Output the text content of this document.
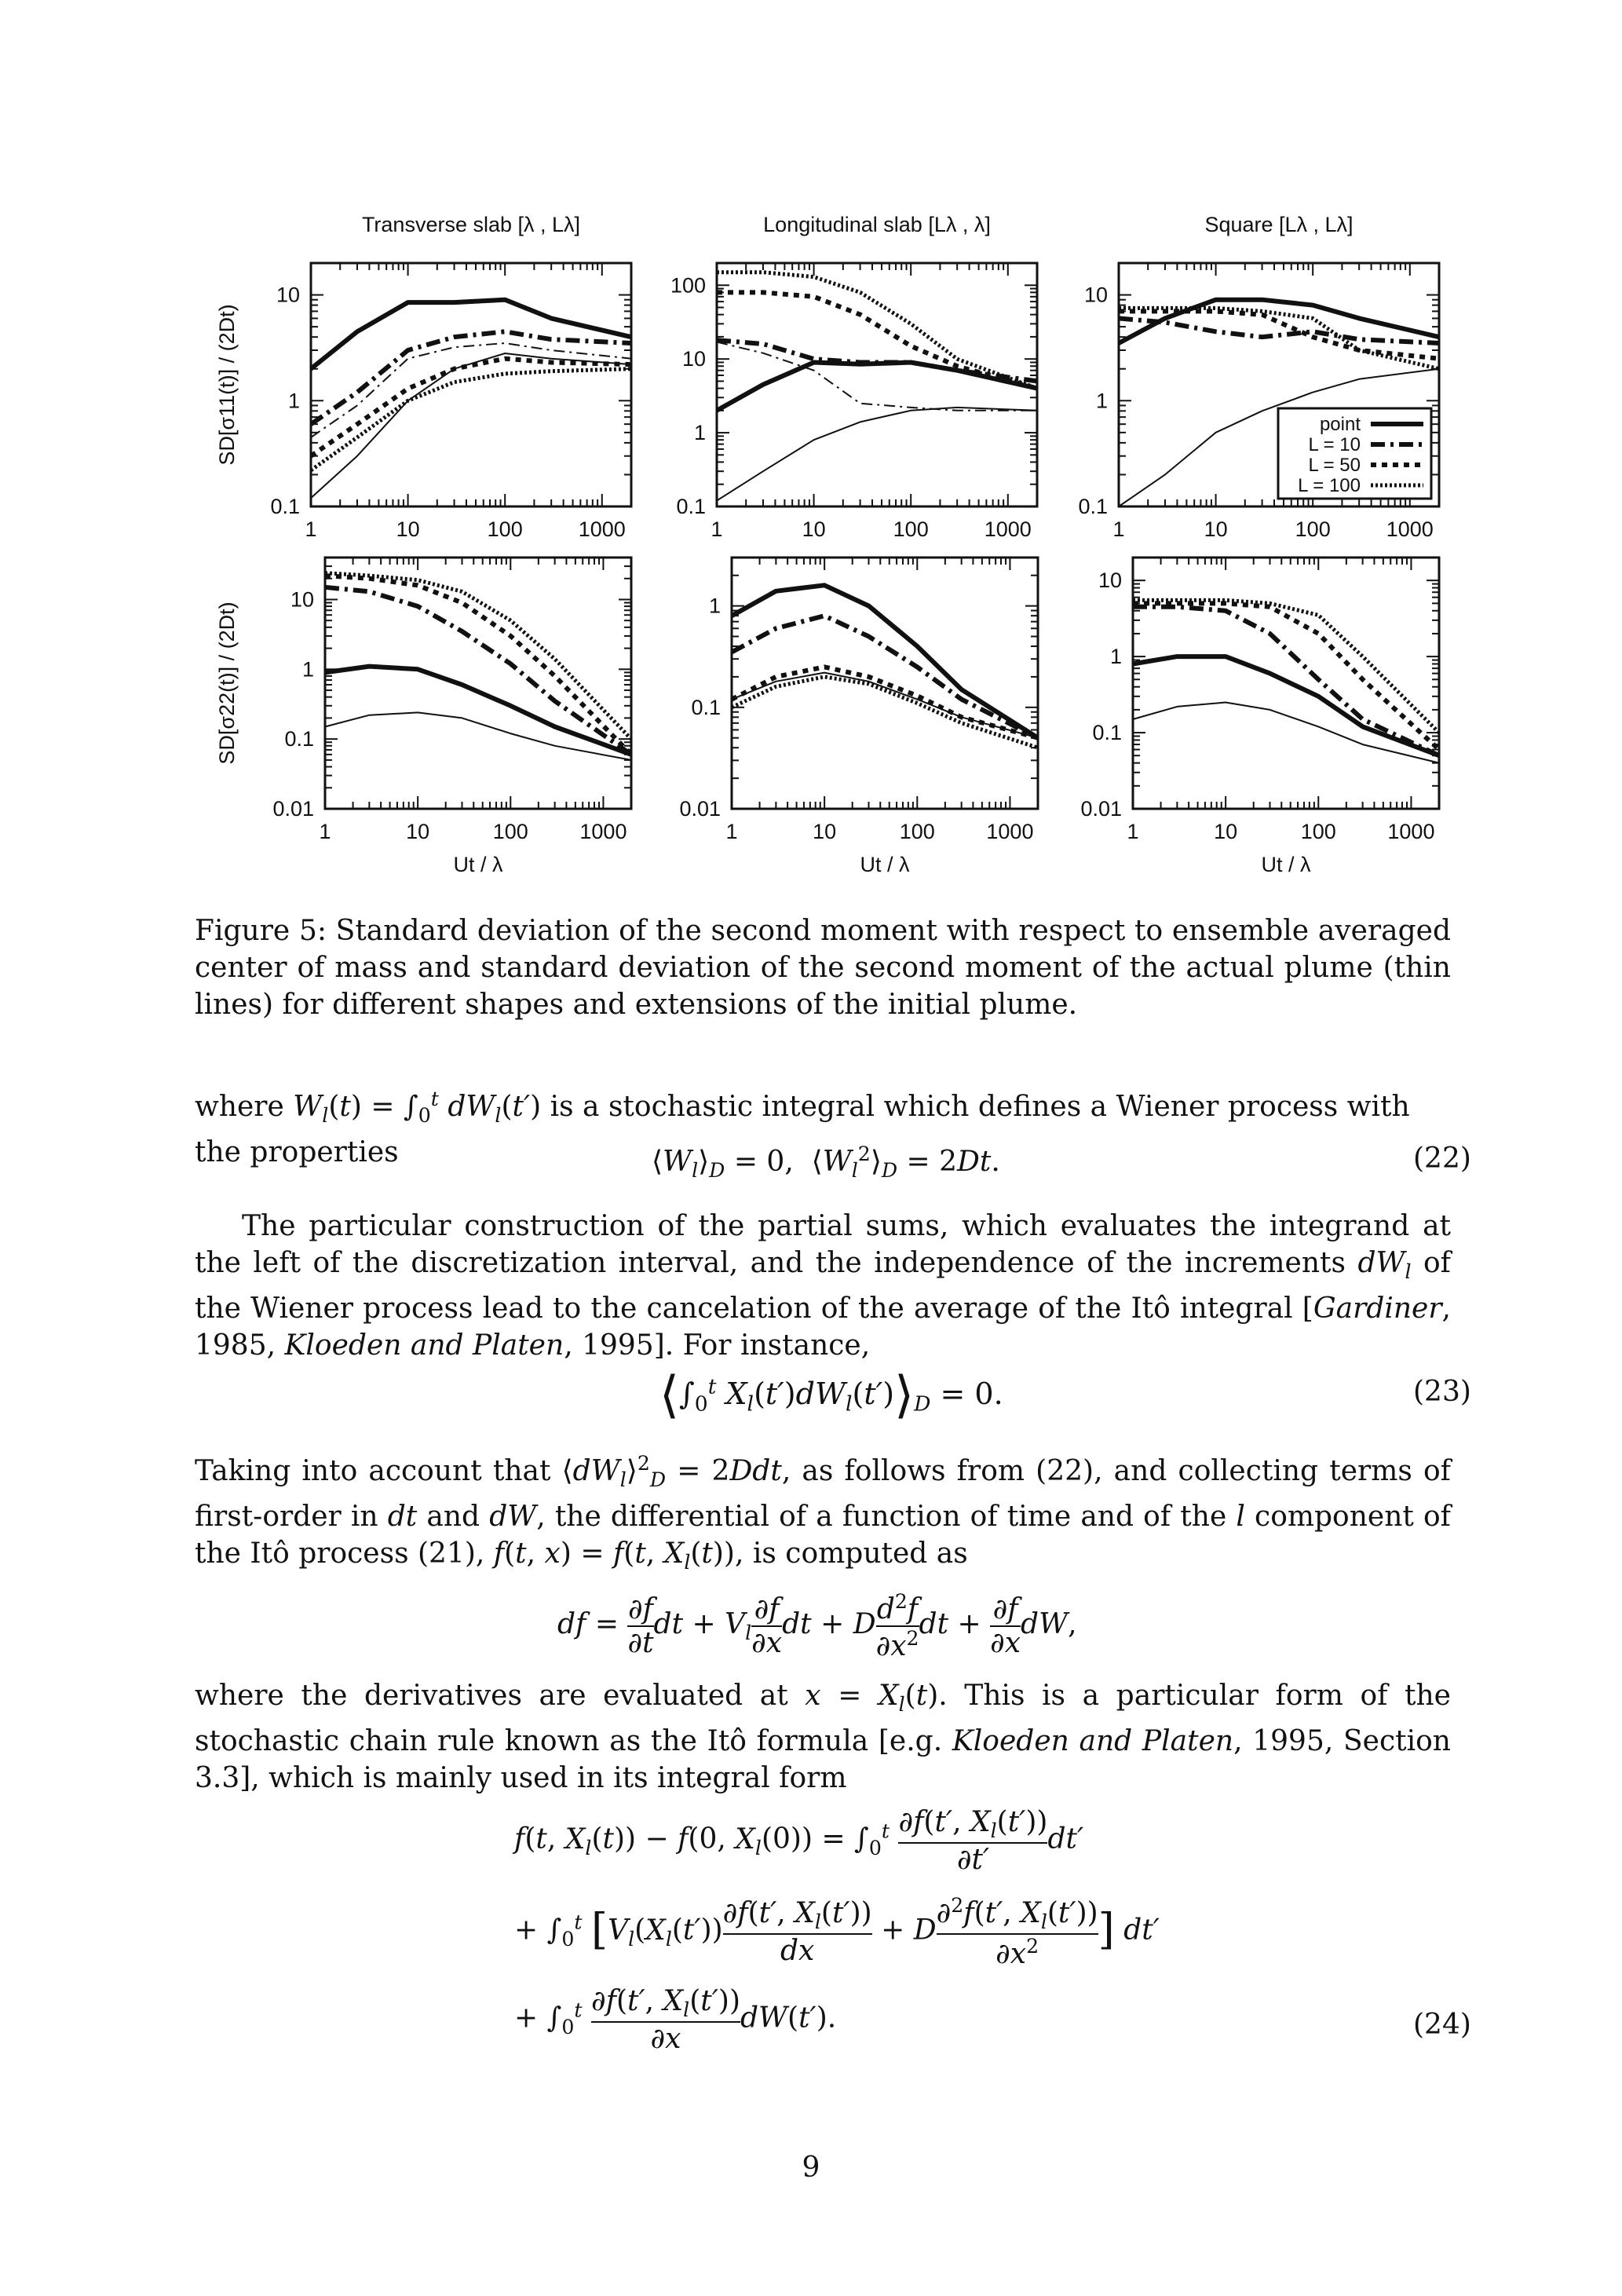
1	10	100	1000
0.1
1
10
Transverse slab [λ , Lλ]
SD[σ11(t)] / (2Dt)
1	10	100	1000
0.1
1
10
100
Longitudinal slab [Lλ , λ]
1	10	100	1000
0.1
1
10
Square [Lλ , Lλ]
point
L = 10
L = 50
L = 100
1	10	100 1000
0.01
0.1
1
10
Ut / λ
SD[σ22(t)] / (2Dt)
1	10	100 1000
0.01
0.1
1
Ut / λ
1	10	100 1000
0.01
0.1
1
10
Ut / λ
Figure 5: Standard deviation of the second moment with respect to ensemble averaged center of mass and standard deviation of the second moment of the actual plume (thin lines) for different shapes and extensions of the initial plume.
where $W_l(t) = \int_0^t$ $dW_l(t')$ is a stochastic integral which defines a Wiener process with the properties	$⟨W_l⟩_D = 0$,  $⟨W_l^2⟩_D = 2Dt$.	(22)
The particular construction of the partial sums, which evaluates the integrand at the left of the discretization interval, and the independence of the increments $dW_l$ of the Wiener process lead to the cancelation of the average of the Itô integral [Gardiner, 1985, Kloeden and Platen, 1995]. For instance,
$⟨\int_0^t$ $X_l(t')dW_l(t')⟩_D = 0$.	(23)
Taking into account that $⟨dW_l⟩^2_D = 2Ddt$, as follows from (22), and collecting terms of first-order in dt and dW, the differential of a function of time and of the l component of the Itô process (21), f(t, x) = f(t, $X_l(t)$), is computed as
df = $\frac{\partial f}{\partial t}$ dt + $V_l \frac{\partial f}{\partial x}$ dt + D $\frac{d^2f}{\partial x^2}$ dt + $\frac{\partial f}{\partial x}$ dW,
where the derivatives are evaluated at $x = X_l(t)$. This is a particular form of the stochastic chain rule known as the Itô formula [e.g. Kloeden and Platen, 1995, Section 3.3], which is mainly used in its integral form
f(t, $X_l(t)) - f(0$, $X_l(0)) = \int_0^t \frac{\partial f(t', X_l(t'))}{\partial t'} dt'$
+ $\int_0^t$ [$V_l(X_l(t')) \frac{\partial f(t', X_l(t'))}{dx} + D \frac{\partial^2f(t', X_l(t'))}{\partial x^2}$ ] dt′
+ $\int_0^t \frac{\partial f(t', X_l(t'))}{\partial x} dW(t')$.	(24)
9
